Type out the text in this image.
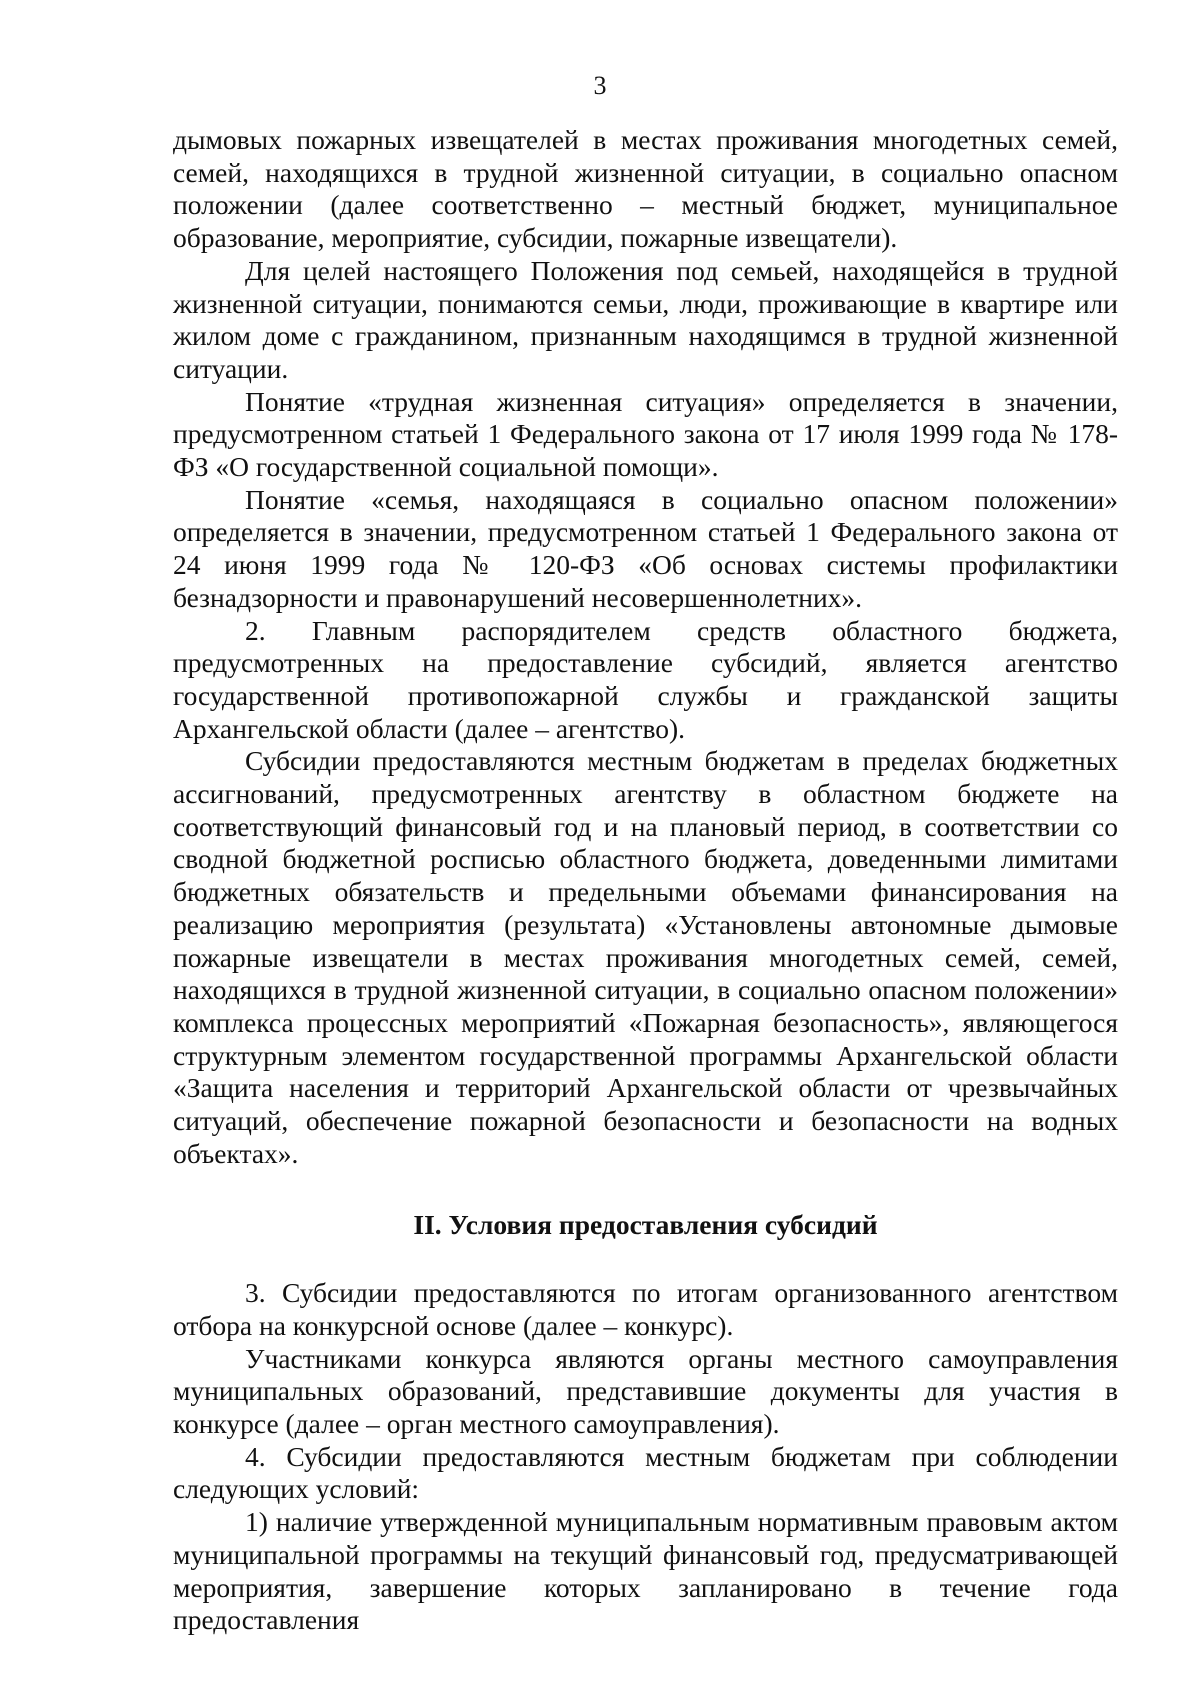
3

дымовых пожарных извещателей в местах проживания многодетных семей, семей, находящихся в трудной жизненной ситуации, в социально опасном положении (далее соответственно – местный бюджет, муниципальное образование, мероприятие, субсидии, пожарные извещатели).

Для целей настоящего Положения под семьей, находящейся в трудной жизненной ситуации, понимаются семьи, люди, проживающие в квартире или жилом доме с гражданином, признанным находящимся в трудной жизненной ситуации.

Понятие «трудная жизненная ситуация» определяется в значении, предусмотренном статьей 1 Федерального закона от 17 июля 1999 года № 178-ФЗ «О государственной социальной помощи».

Понятие «семья, находящаяся в социально опасном положении» определяется в значении, предусмотренном статьей 1 Федерального закона от 24 июня 1999 года № 120-ФЗ «Об основах системы профилактики безнадзорности и правонарушений несовершеннолетних».

2. Главным распорядителем средств областного бюджета, предусмотренных на предоставление субсидий, является агентство государственной противопожарной службы и гражданской защиты Архангельской области (далее – агентство).

Субсидии предоставляются местным бюджетам в пределах бюджетных ассигнований, предусмотренных агентству в областном бюджете на соответствующий финансовый год и на плановый период, в соответствии со сводной бюджетной росписью областного бюджета, доведенными лимитами бюджетных обязательств и предельными объемами финансирования на реализацию мероприятия (результата) «Установлены автономные дымовые пожарные извещатели в местах проживания многодетных семей, семей, находящихся в трудной жизненной ситуации, в социально опасном положении» комплекса процессных мероприятий «Пожарная безопасность», являющегося структурным элементом государственной программы Архангельской области «Защита населения и территорий Архангельской области от чрезвычайных ситуаций, обеспечение пожарной безопасности и безопасности на водных объектах».

II. Условия предоставления субсидий

3. Субсидии предоставляются по итогам организованного агентством отбора на конкурсной основе (далее – конкурс).

Участниками конкурса являются органы местного самоуправления муниципальных образований, представившие документы для участия в конкурсе (далее – орган местного самоуправления).

4. Субсидии предоставляются местным бюджетам при соблюдении следующих условий:

1) наличие утвержденной муниципальным нормативным правовым актом муниципальной программы на текущий финансовый год, предусматривающей мероприятия, завершение которых запланировано в течение года предоставления
